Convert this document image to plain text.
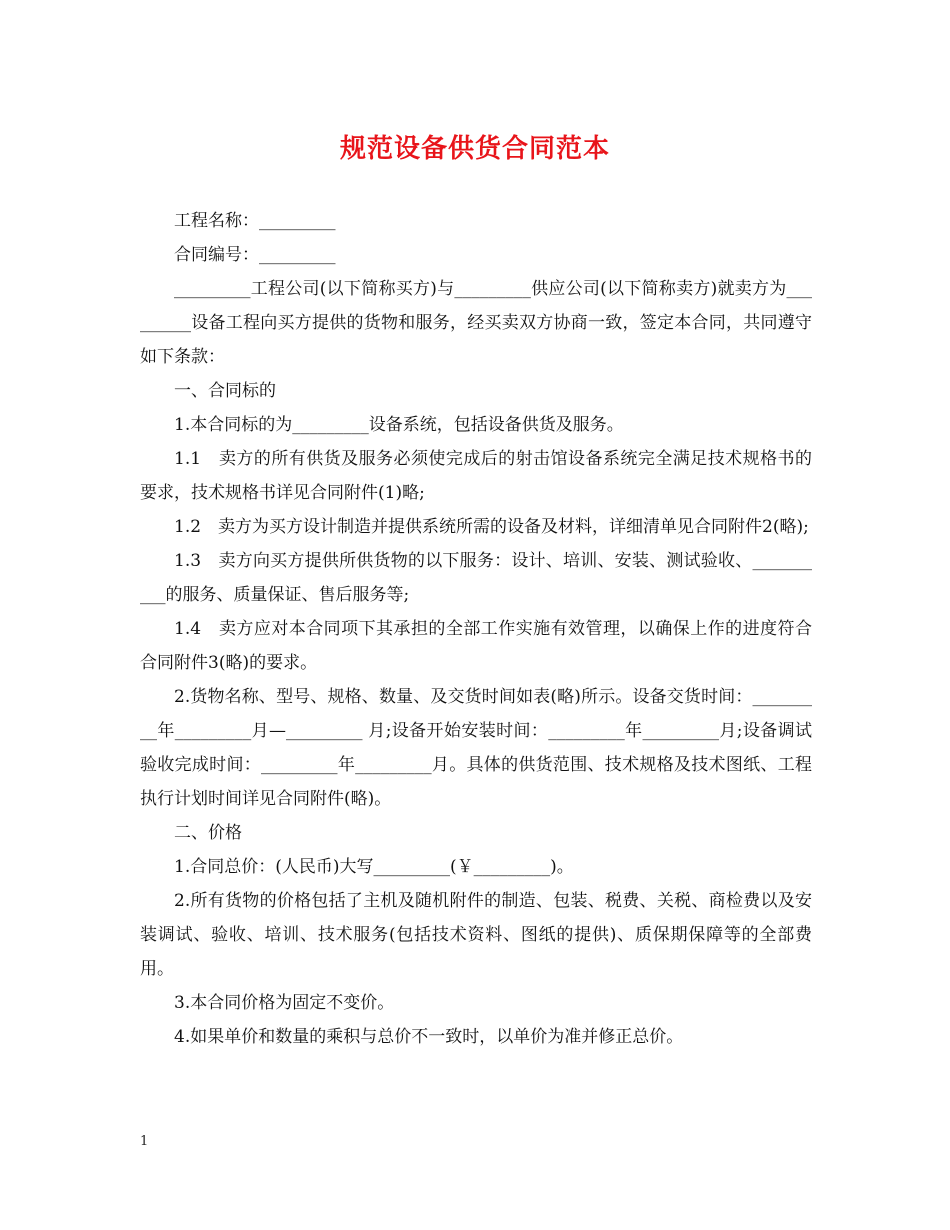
规范设备供货合同范本

工程名称：_________

合同编号：_________

_________工程公司(以下简称买方)与_________供应公司(以下简称卖方)就卖方为_________设备工程向买方提供的货物和服务，经买卖双方协商一致，签定本合同，共同遵守如下条款：

一、合同标的

1.本合同标的为_________设备系统，包括设备供货及服务。

1.1　卖方的所有供货及服务必须使完成后的射击馆设备系统完全满足技术规格书的要求，技术规格书详见合同附件(1)略;

1.2　卖方为买方设计制造并提供系统所需的设备及材料，详细清单见合同附件2(略);

1.3　卖方向买方提供所供货物的以下服务：设计、培训、安装、测试验收、__________的服务、质量保证、售后服务等;

1.4　卖方应对本合同项下其承担的全部工作实施有效管理，以确保上作的进度符合合同附件3(略)的要求。

2.货物名称、型号、规格、数量、及交货时间如表(略)所示。设备交货时间：_________年_________月—_________ 月;设备开始安装时间：_________年_________月;设备调试验收完成时间：_________年_________月。具体的供货范围、技术规格及技术图纸、工程执行计划时间详见合同附件(略)。

二、价格

1.合同总价：(人民币)大写_________(￥_________)。

2.所有货物的价格包括了主机及随机附件的制造、包装、税费、关税、商检费以及安装调试、验收、培训、技术服务(包括技术资料、图纸的提供)、质保期保障等的全部费用。

3.本合同价格为固定不变价。

4.如果单价和数量的乘积与总价不一致时，以单价为准并修正总价。

1
